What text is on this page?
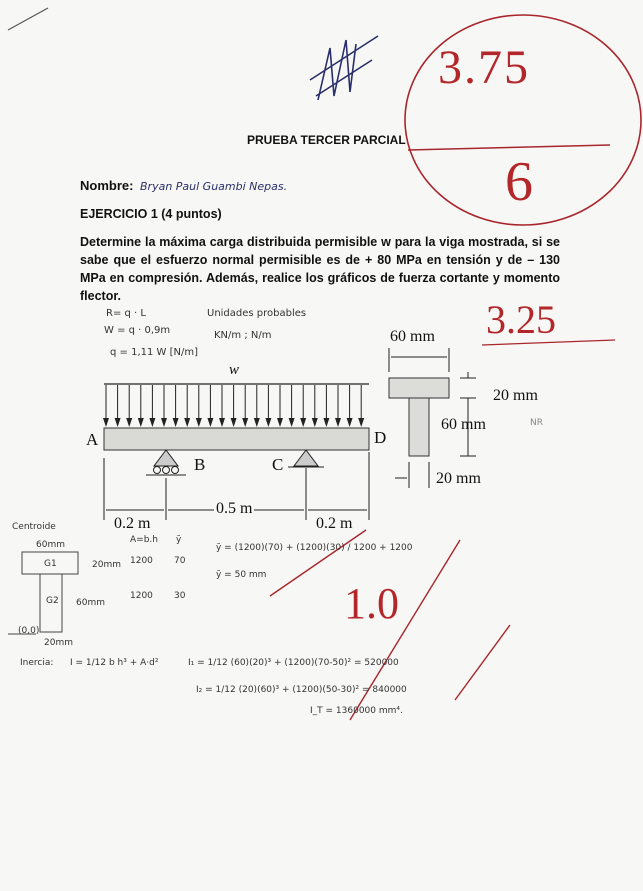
PRUEBA TERCER PARCIAL
3.75
6
Nombre: Bryan Paul Guambi Nepas.
EJERCICIO 1 (4 puntos)
Determine la máxima carga distribuida permisible w para la viga mostrada, si se sabe que el esfuerzo normal permisible es de + 80 MPa en tensión y de – 130 MPa en compresión. Además, realice los gráficos de fuerza cortante y momento flector.
3.25
R= q · L
W = q · 0,9m
q = 1,11 W [N/m]
Unidades probables
KN/m ; N/m
w
A
B	C
D
0.2 m
0.5 m
0.2 m
60 mm
20 mm
60 mm
20 mm
NR
Centroide
60mm
G1	20mm
G2 60mm
20mm
(0,0)
A=b.h ȳ
1200 70
1200 30
ȳ = (1200)(70) + (1200)(30) / 1200 + 1200
ȳ = 50 mm
1.0
Inercia: I = 1/12 b h³ + A·d²	I₁ = 1/12 (60)(20)³ + (1200)(70-50)² = 520000
I₂ = 1/12 (20)(60)³ + (1200)(50-30)² = 840000
I_T = 1360000 mm⁴.
